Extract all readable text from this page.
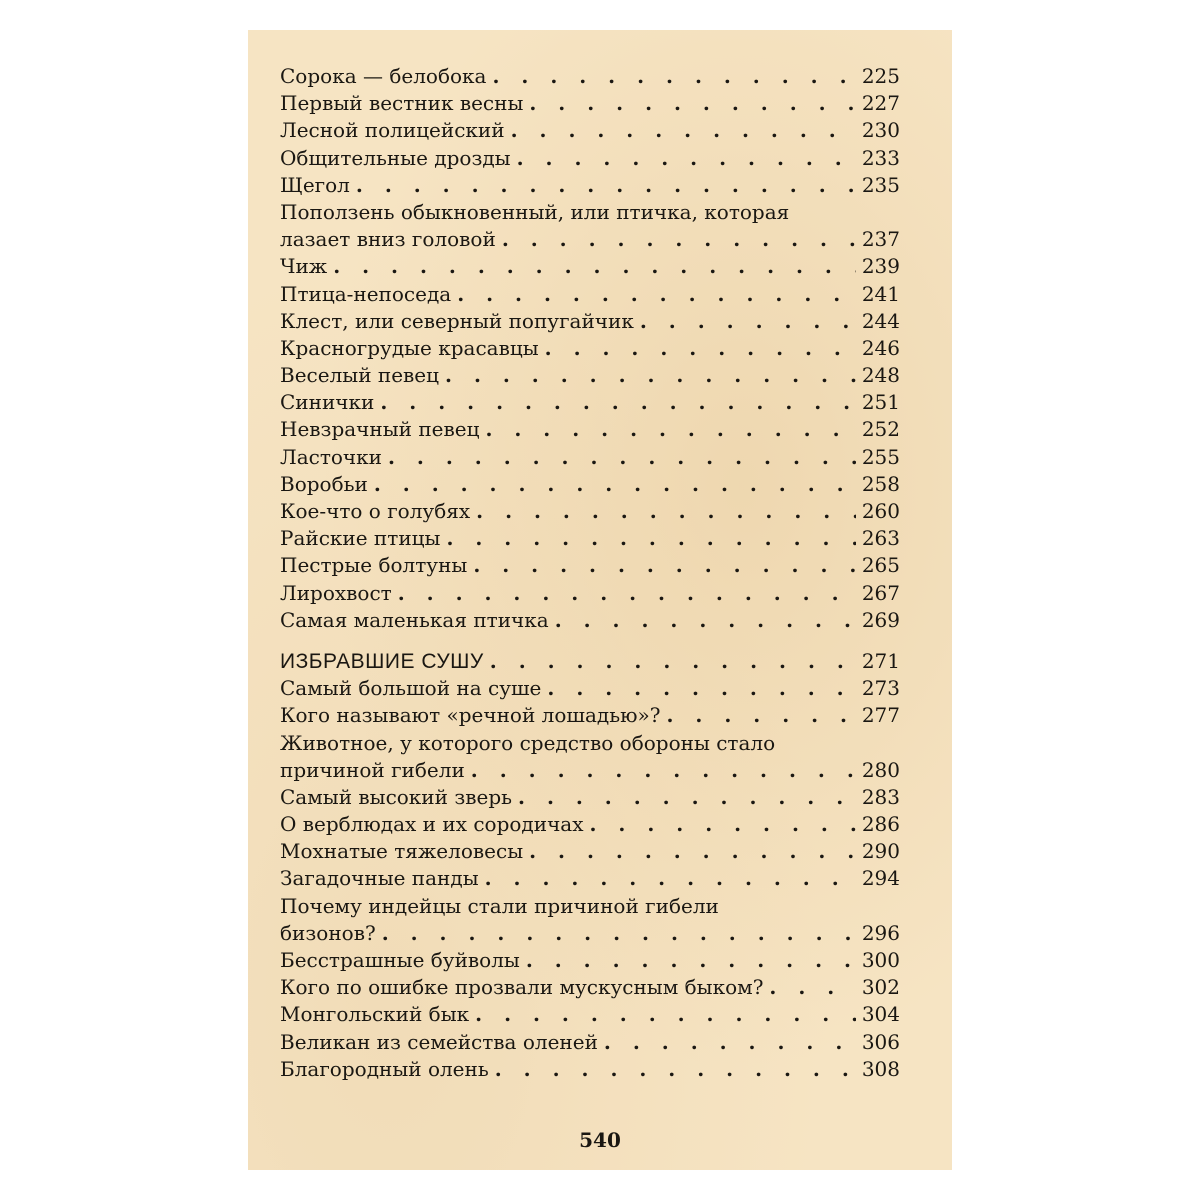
Сорока — белобока . . .	225
Первый вестник весны . . .	227
Лесной полицейский . . .	230
Общительные дрозды . . .	233
Щегол . . .	235
Поползень обыкновенный, или птичка, которая
лазает вниз головой . . .	237
Чиж . . .	239
Птица-непоседа . . .	241
Клест, или северный попугайчик . . .	244
Красногрудые красавцы . . .	246
Веселый певец . . .	248
Синички . . .	251
Невзрачный певец . . .	252
Ласточки . . .	255
Воробьи . . .	258
Кое-что о голубях . . .	260
Райские птицы . . .	263
Пестрые болтуны . . .	265
Лирохвост . . .	267
Самая маленькая птичка . . .	269
ИЗБРАВШИЕ СУШУ . . .	271
Самый большой на суше . . .	273
Кого называют «речной лошадью»? . . .	277
Животное, у которого средство обороны стало
причиной гибели . . .	280
Самый высокий зверь . . .	283
О верблюдах и их сородичах . . .	286
Мохнатые тяжеловесы . . .	290
Загадочные панды . . .	294
Почему индейцы стали причиной гибели
бизонов? . . .	296
Бесстрашные буйволы . . .	300
Кого по ошибке прозвали мускусным быком? . . .	302
Монгольский бык . . .	304
Великан из семейства оленей . . .	306
Благородный олень . . .	308
540
